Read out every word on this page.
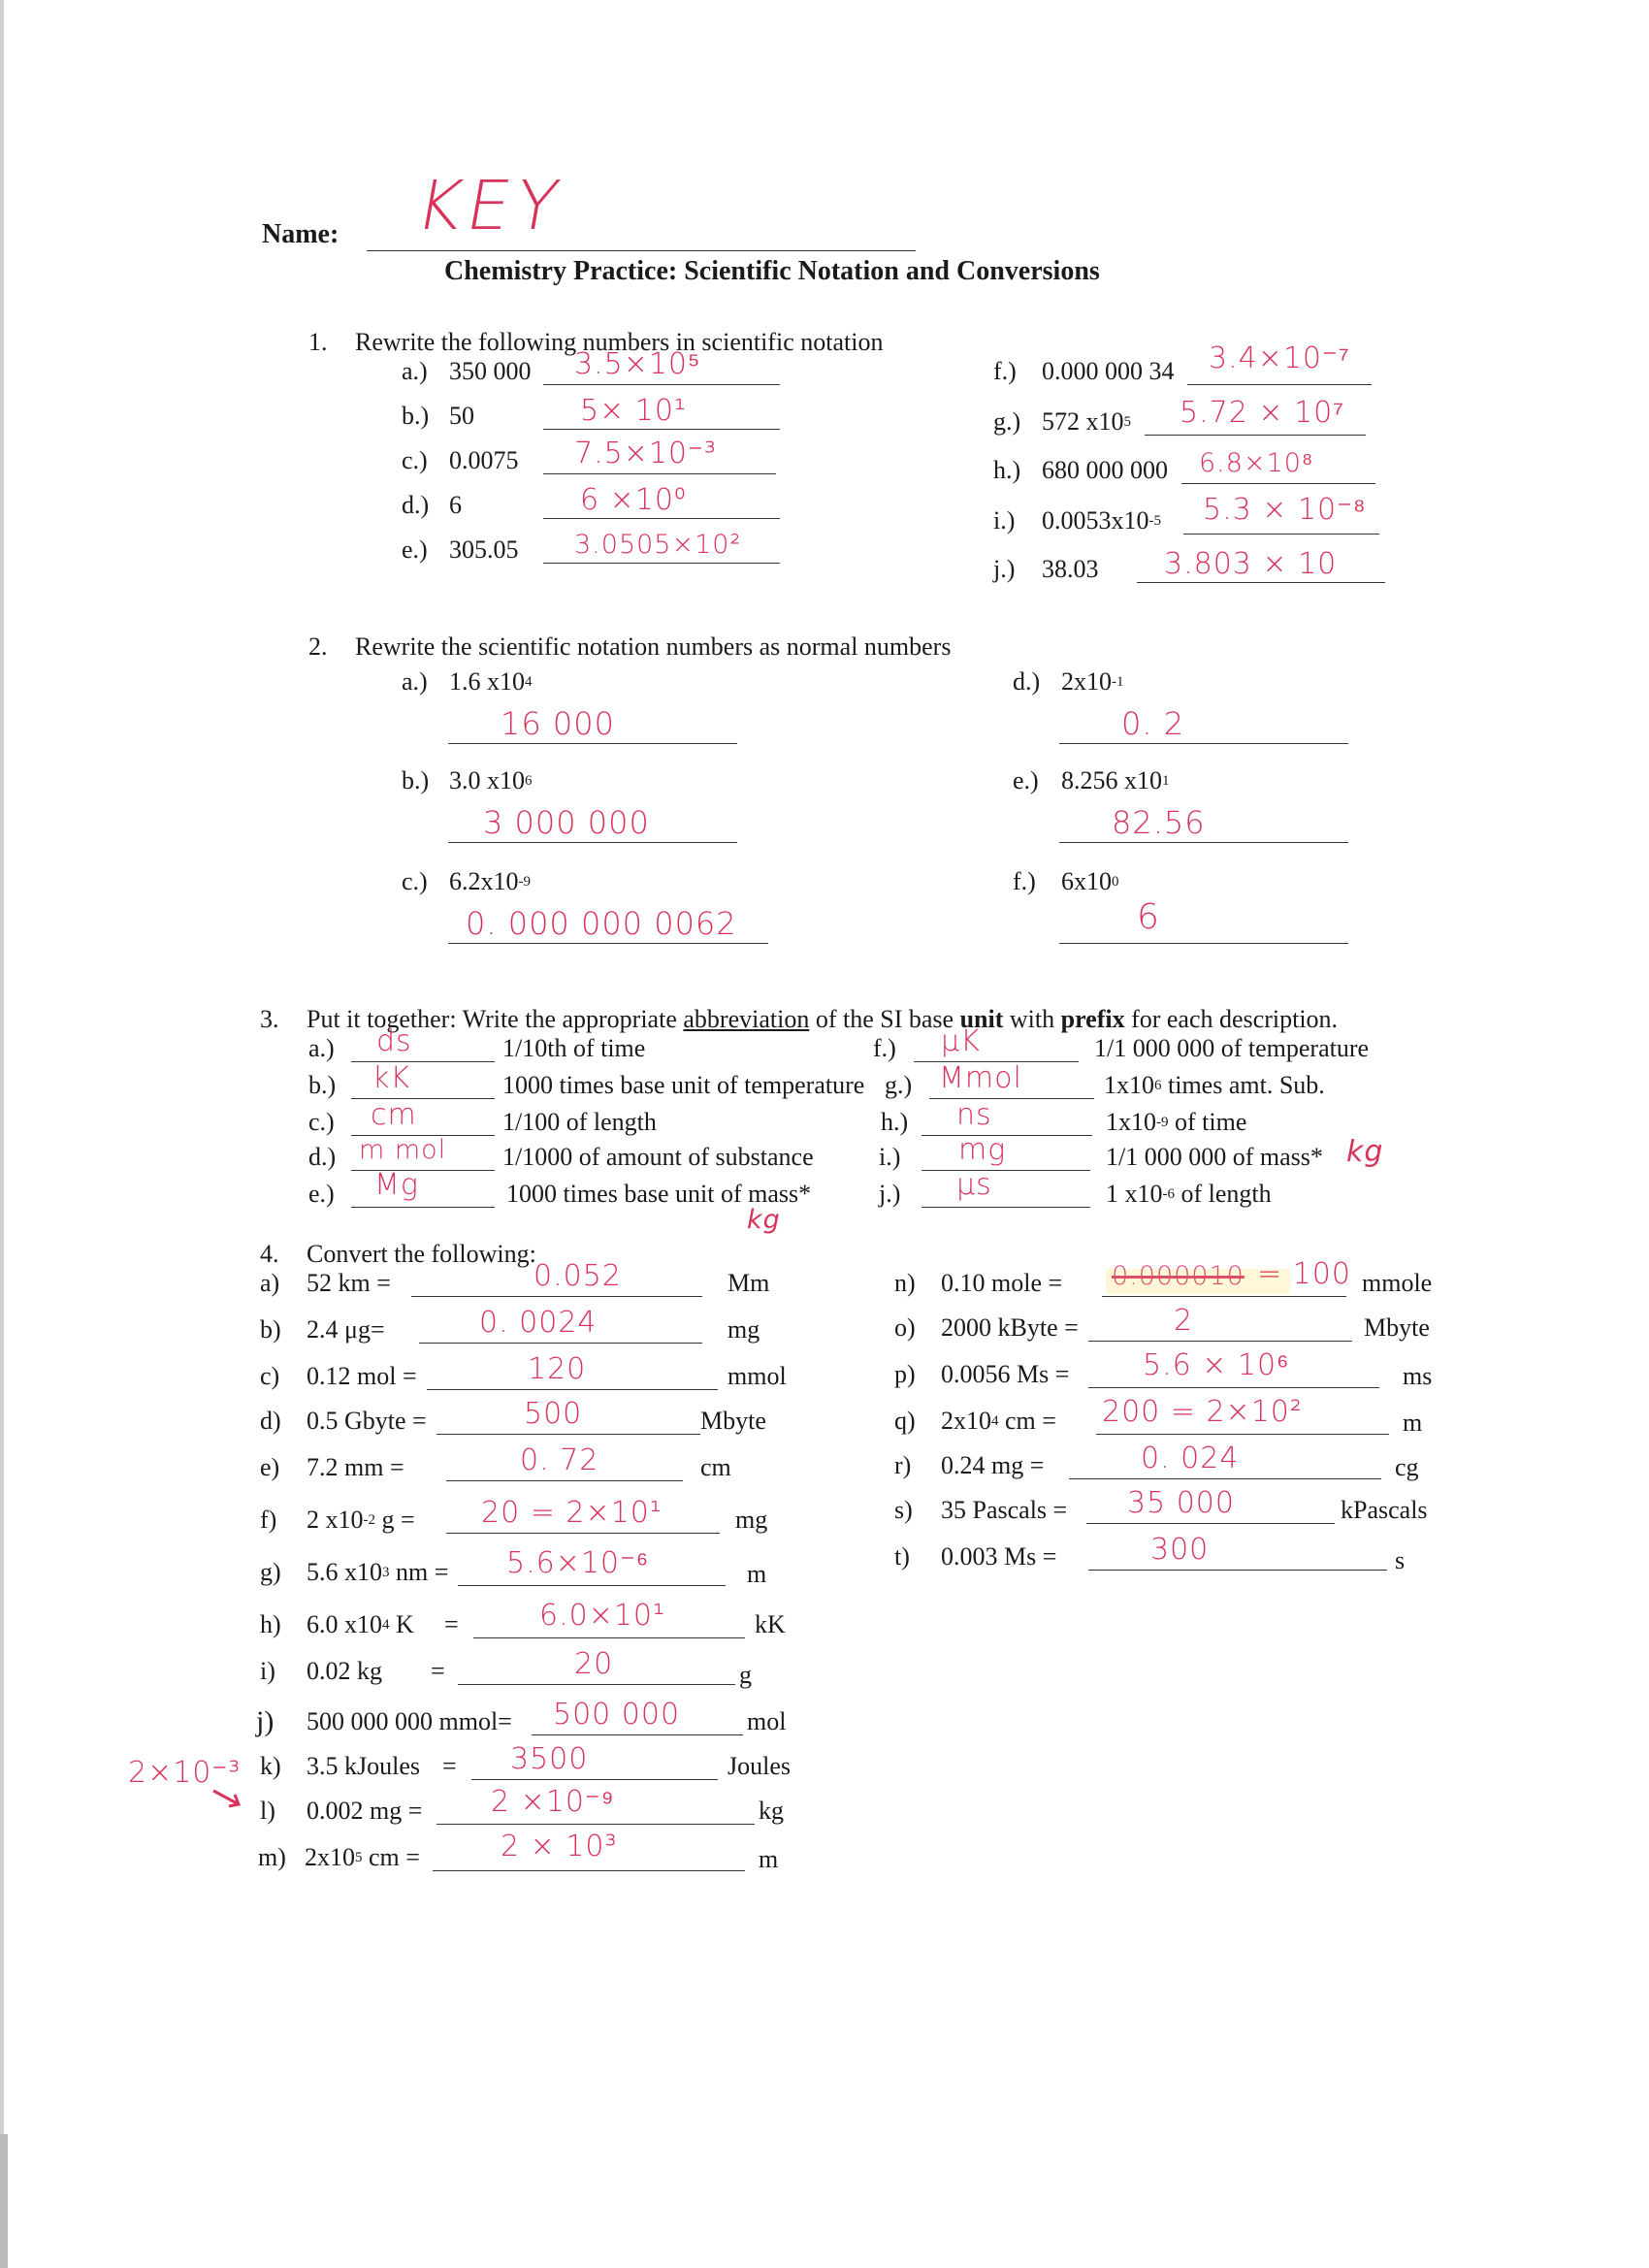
Name: KEY
Chemistry Practice: Scientific Notation and Conversions
1. Rewrite the following numbers in scientific notation
a.) 350 000 3.5×10⁵
b.) 50	5× 10¹
c.) 0.0075 7.5×10⁻³
d.) 6	6 ×10⁰
e.) 305.05 3.0505×10²
f.) 0.000 000 34 3.4×10⁻⁷
g.) 572 $x10^5$ 5.72 × 10⁷
h.) 680 000 000 6.8×10⁸
i.) $0.0053x10^{-5}$ 5.3 × 10⁻⁸
j.) 38.03 3.803 × 10
2. Rewrite the scientific notation numbers as normal numbers
a.) 1.6 $x10^4$
16 000
b.) 3.0 $x10^6$
3 000 000
c.) $6.2x10^{-9}$
0. 000 000 0062
d.) $2x10^{-1}$
0. 2
e.) 8.256 $x10^1$
82.56
f.) $6x10^0$
6
3. Put it together: Write the appropriate abbreviation of the SI base unit with prefix for each description.
a.) ds	1/10th of time
b.) kK	1000 times base unit of temperature
c.) cm	1/100 of length
d.) m mol 1/1000 of amount of substance
e.) Mg	1000 times base unit of mass*
kg
f.) μK	1/1 000 000 of temperature
g.) Mmol	$1x10^6$ times amt. Sub.
h.) ns	$1x10^{-9}$ of time
i.) mg	1/1 000 000 of mass* kg
j.) μs	1 $x10^{-6}$ of length
4. Convert the following:
a) 52 km =	0.052	Mm
b) 2.4 μg=	0. 0024	mg
c) 0.12 mol =	120	mmol
d) 0.5 Gbyte =	500	Mbyte
e) 7.2 mm =	0. 72	cm
f) 2 $x10^{-2}$ g = 20 = 2×10¹	mg
g) 5.6 $x10^3$ nm = 5.6×10⁻⁶	m
h) 6.0 $x10^4$ K =	6.0×10¹	kK
i) 0.02 kg =	20	g
j) 500 000 000 mmol= 500 000	mol
k) 3.5 kJoules = 3500	Joules
l) 0.002 mg = 2 ×10⁻⁹	kg
m) $2x10^5$ cm =	2 × 10³	m
2×10⁻³
n) 0.10 mole = 0.000010 = 100 mmole
o) 2000 kByte =	2	Mbyte
p) 0.0056 Ms =	5.6 × 10⁶	ms
q) $2x10^4$ cm = 200 = 2×10²	m
r) 0.24 mg =	0. 024	cg
s) 35 Pascals = 35 000	kPascals
t) 0.003 Ms =	300	s
